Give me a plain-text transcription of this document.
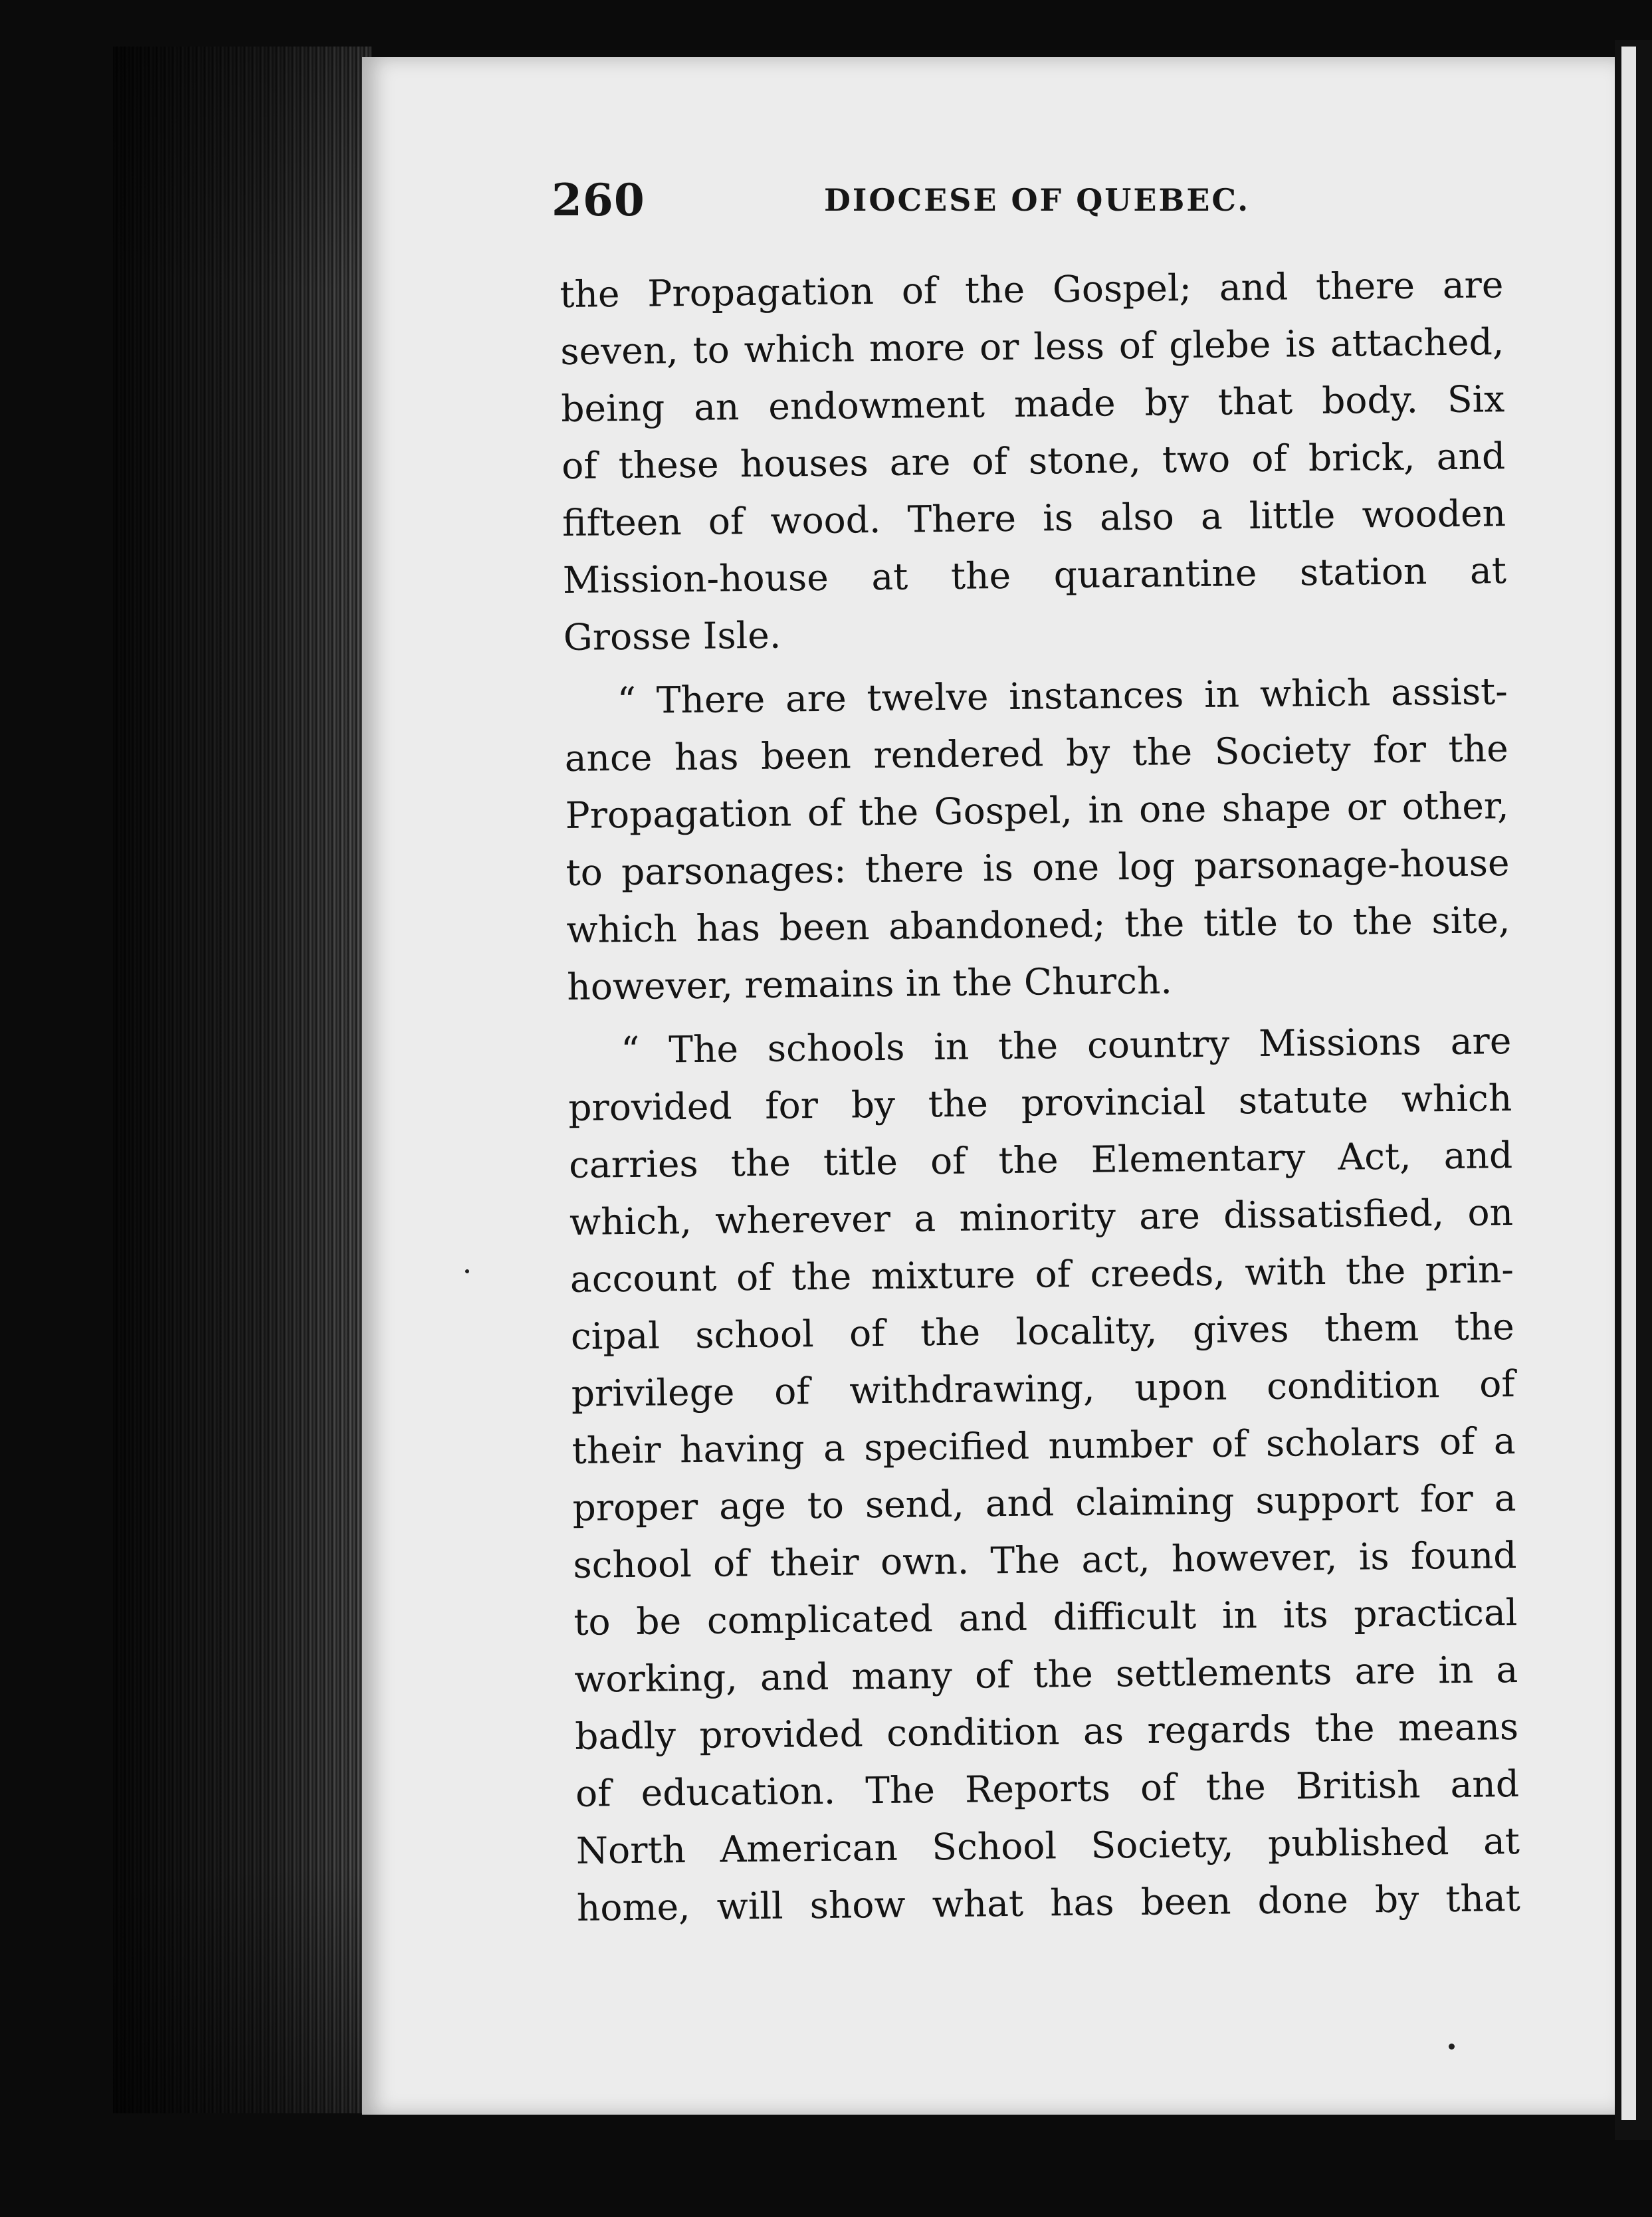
260	DIOCESE OF QUEBEC.
the Propagation of the Gospel; and there are
seven, to which more or less of glebe is attached,
being an endowment made by that body. Six
of these houses are of stone, two of brick, and
fifteen of wood. There is also a little wooden
Mission-house at the quarantine station at
Grosse Isle.
“ There are twelve instances in which assist-
ance has been rendered by the Society for the
Propagation of the Gospel, in one shape or other,
to parsonages: there is one log parsonage-house
which has been abandoned; the title to the site,
however, remains in the Church.
“ The schools in the country Missions are
provided for by the provincial statute which
carries the title of the Elementary Act, and
which, wherever a minority are dissatisfied, on
account of the mixture of creeds, with the prin-
cipal school of the locality, gives them the
privilege of withdrawing, upon condition of
their having a specified number of scholars of a
proper age to send, and claiming support for a
school of their own. The act, however, is found
to be complicated and difficult in its practical
working, and many of the settlements are in a
badly provided condition as regards the means
of education. The Reports of the British and
North American School Society, published at
home, will show what has been done by that
